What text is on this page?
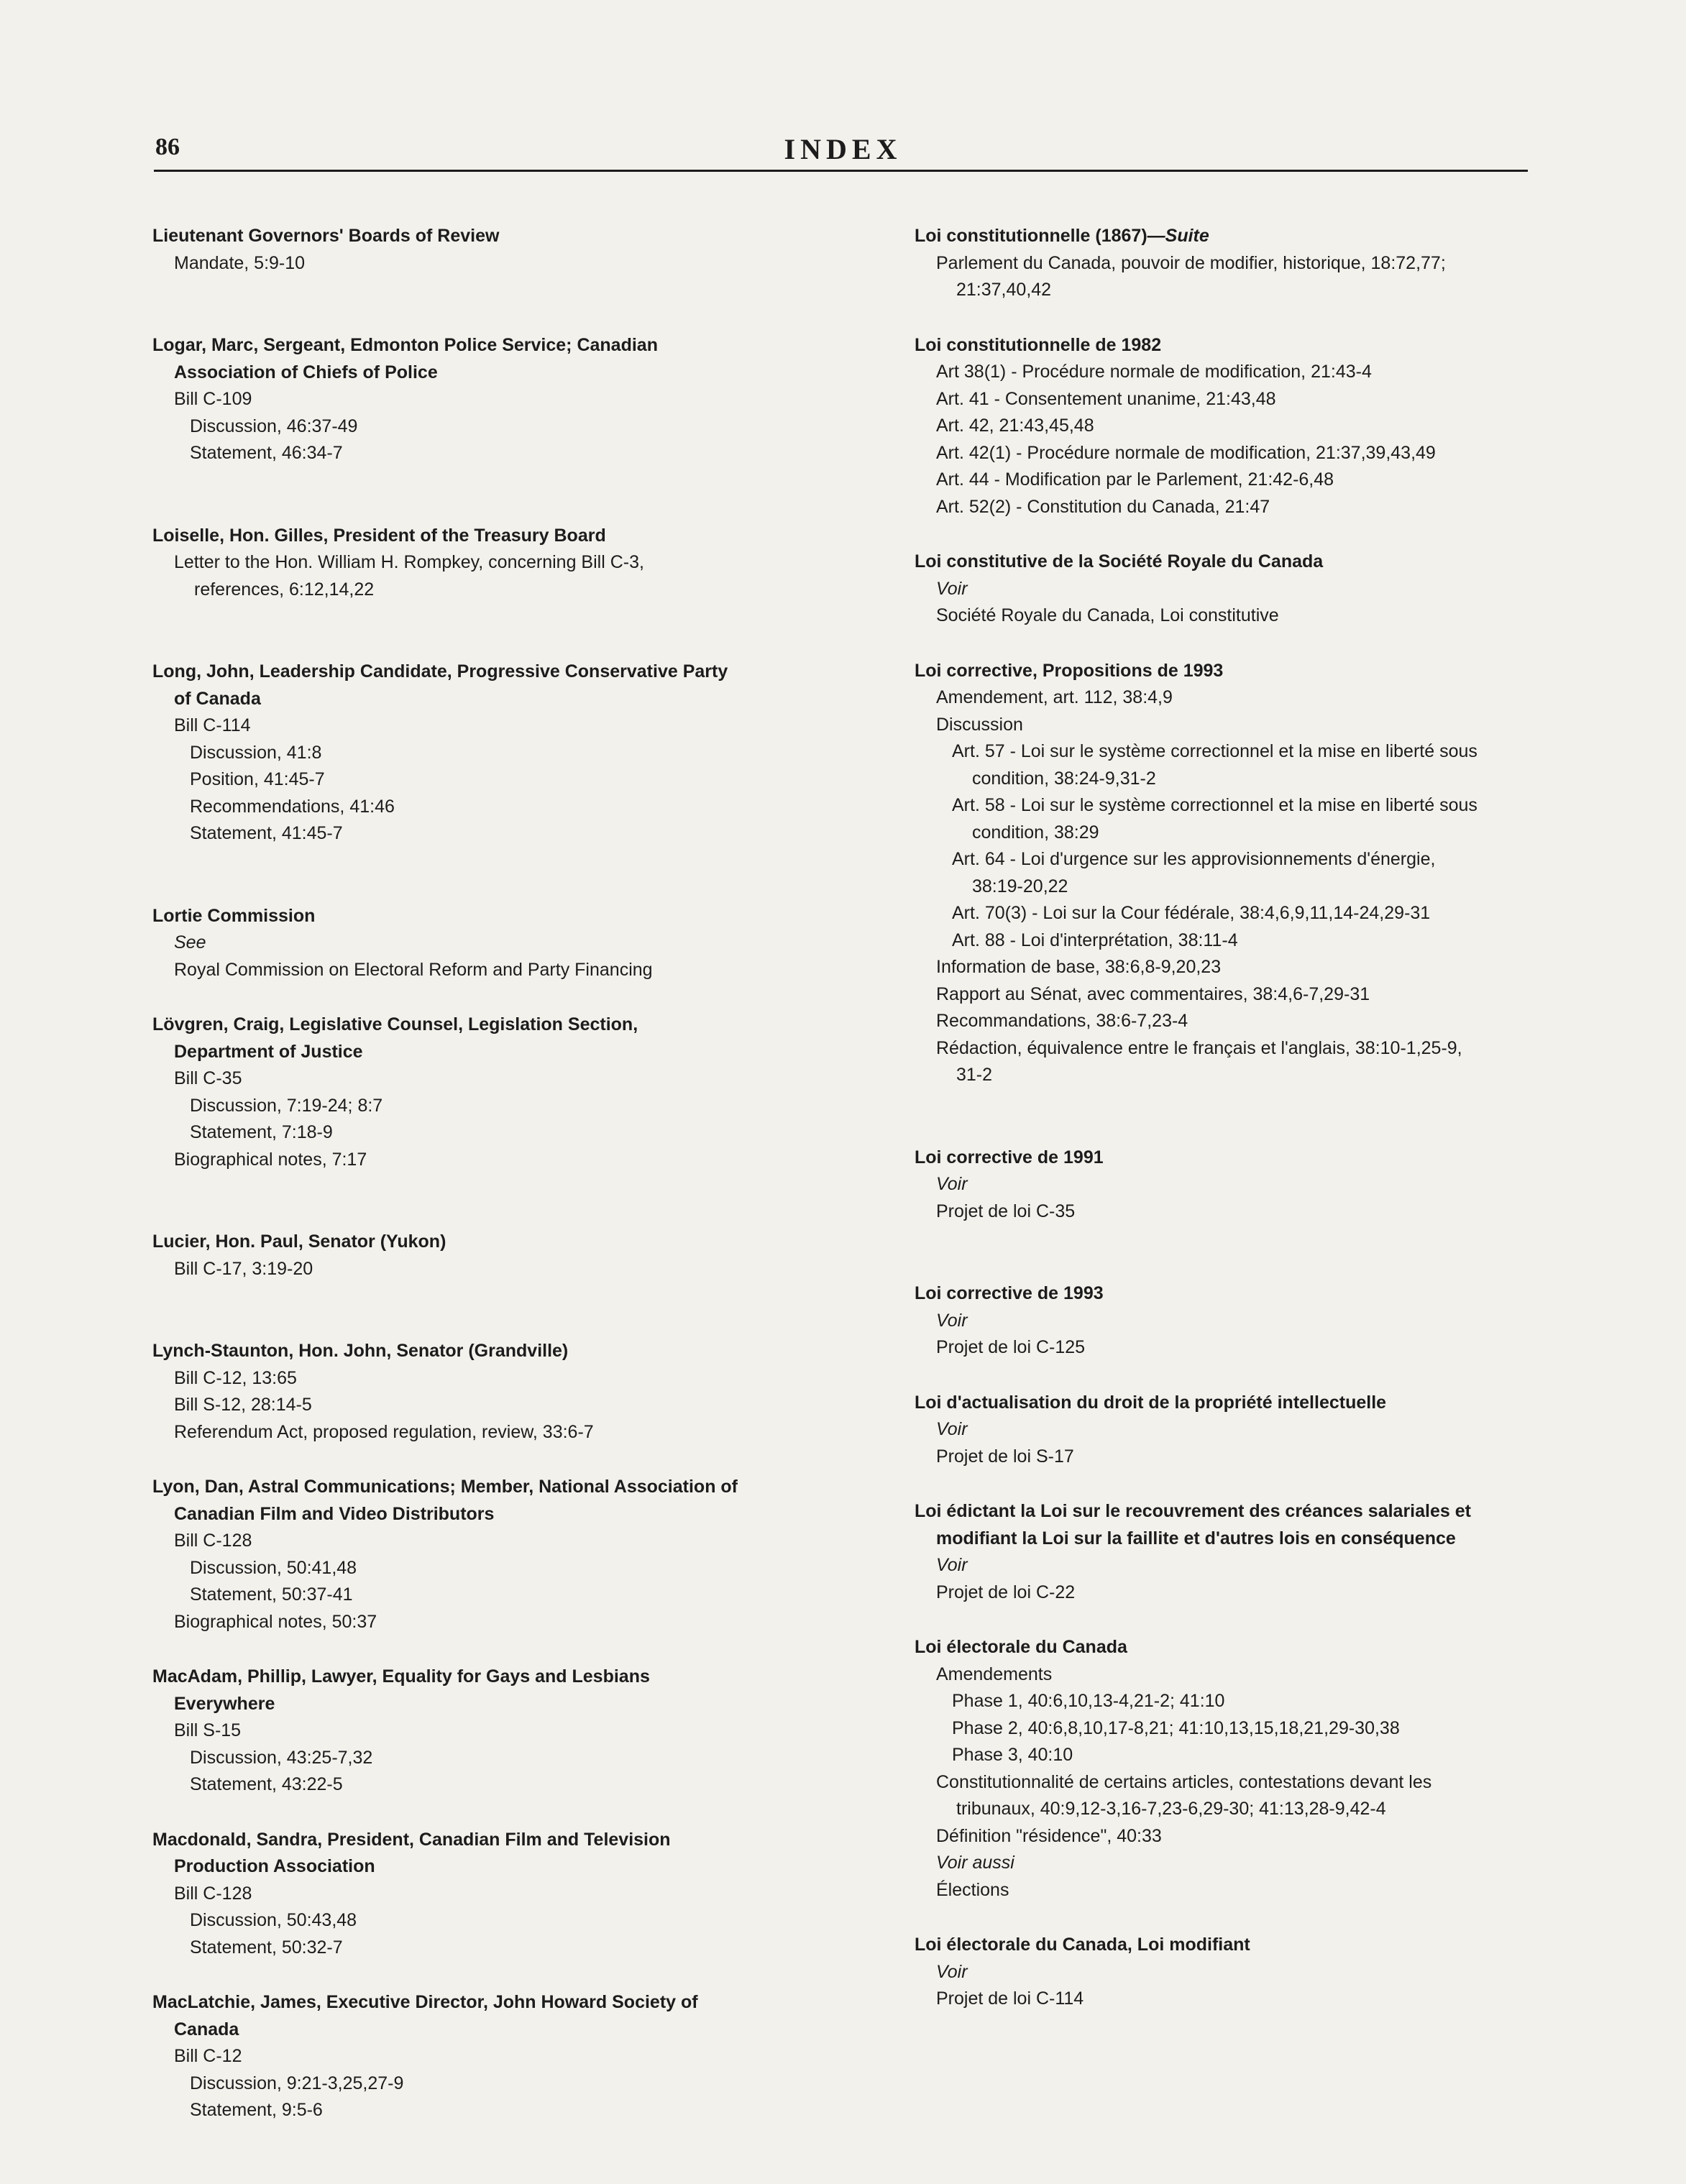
86	INDEX
Lieutenant Governors' Boards of Review
Mandate, 5:9-10
Logar, Marc, Sergeant, Edmonton Police Service; Canadian
Association of Chiefs of Police
Bill C-109
Discussion, 46:37-49
Statement, 46:34-7
Loiselle, Hon. Gilles, President of the Treasury Board
Letter to the Hon. William H. Rompkey, concerning Bill C-3,
references, 6:12,14,22
Long, John, Leadership Candidate, Progressive Conservative Party
of Canada
Bill C-114
Discussion, 41:8
Position, 41:45-7
Recommendations, 41:46
Statement, 41:45-7
Lortie Commission
See
Royal Commission on Electoral Reform and Party Financing
Lövgren, Craig, Legislative Counsel, Legislation Section,
Department of Justice
Bill C-35
Discussion, 7:19-24; 8:7
Statement, 7:18-9
Biographical notes, 7:17
Lucier, Hon. Paul, Senator (Yukon)
Bill C-17, 3:19-20
Lynch-Staunton, Hon. John, Senator (Grandville)
Bill C-12, 13:65
Bill S-12, 28:14-5
Referendum Act, proposed regulation, review, 33:6-7
Lyon, Dan, Astral Communications; Member, National Association of
Canadian Film and Video Distributors
Bill C-128
Discussion, 50:41,48
Statement, 50:37-41
Biographical notes, 50:37
MacAdam, Phillip, Lawyer, Equality for Gays and Lesbians
Everywhere
Bill S-15
Discussion, 43:25-7,32
Statement, 43:22-5
Macdonald, Sandra, President, Canadian Film and Television
Production Association
Bill C-128
Discussion, 50:43,48
Statement, 50:32-7
MacLatchie, James, Executive Director, John Howard Society of
Canada
Bill C-12
Discussion, 9:21-3,25,27-9
Statement, 9:5-6
Loi constitutionnelle (1867)—Suite
Parlement du Canada, pouvoir de modifier, historique, 18:72,77;
21:37,40,42
Loi constitutionnelle de 1982
Art 38(1) - Procédure normale de modification, 21:43-4
Art. 41 - Consentement unanime, 21:43,48
Art. 42, 21:43,45,48
Art. 42(1) - Procédure normale de modification, 21:37,39,43,49
Art. 44 - Modification par le Parlement, 21:42-6,48
Art. 52(2) - Constitution du Canada, 21:47
Loi constitutive de la Société Royale du Canada
Voir
Société Royale du Canada, Loi constitutive
Loi corrective, Propositions de 1993
Amendement, art. 112, 38:4,9
Discussion
Art. 57 - Loi sur le système correctionnel et la mise en liberté sous
condition, 38:24-9,31-2
Art. 58 - Loi sur le système correctionnel et la mise en liberté sous
condition, 38:29
Art. 64 - Loi d'urgence sur les approvisionnements d'énergie,
38:19-20,22
Art. 70(3) - Loi sur la Cour fédérale, 38:4,6,9,11,14-24,29-31
Art. 88 - Loi d'interprétation, 38:11-4
Information de base, 38:6,8-9,20,23
Rapport au Sénat, avec commentaires, 38:4,6-7,29-31
Recommandations, 38:6-7,23-4
Rédaction, équivalence entre le français et l'anglais, 38:10-1,25-9,
31-2
Loi corrective de 1991
Voir
Projet de loi C-35
Loi corrective de 1993
Voir
Projet de loi C-125
Loi d'actualisation du droit de la propriété intellectuelle
Voir
Projet de loi S-17
Loi édictant la Loi sur le recouvrement des créances salariales et
modifiant la Loi sur la faillite et d'autres lois en conséquence
Voir
Projet de loi C-22
Loi électorale du Canada
Amendements
Phase 1, 40:6,10,13-4,21-2; 41:10
Phase 2, 40:6,8,10,17-8,21; 41:10,13,15,18,21,29-30,38
Phase 3, 40:10
Constitutionnalité de certains articles, contestations devant les
tribunaux, 40:9,12-3,16-7,23-6,29-30; 41:13,28-9,42-4
Définition "résidence", 40:33
Voir aussi
Élections
Loi électorale du Canada, Loi modifiant
Voir
Projet de loi C-114
